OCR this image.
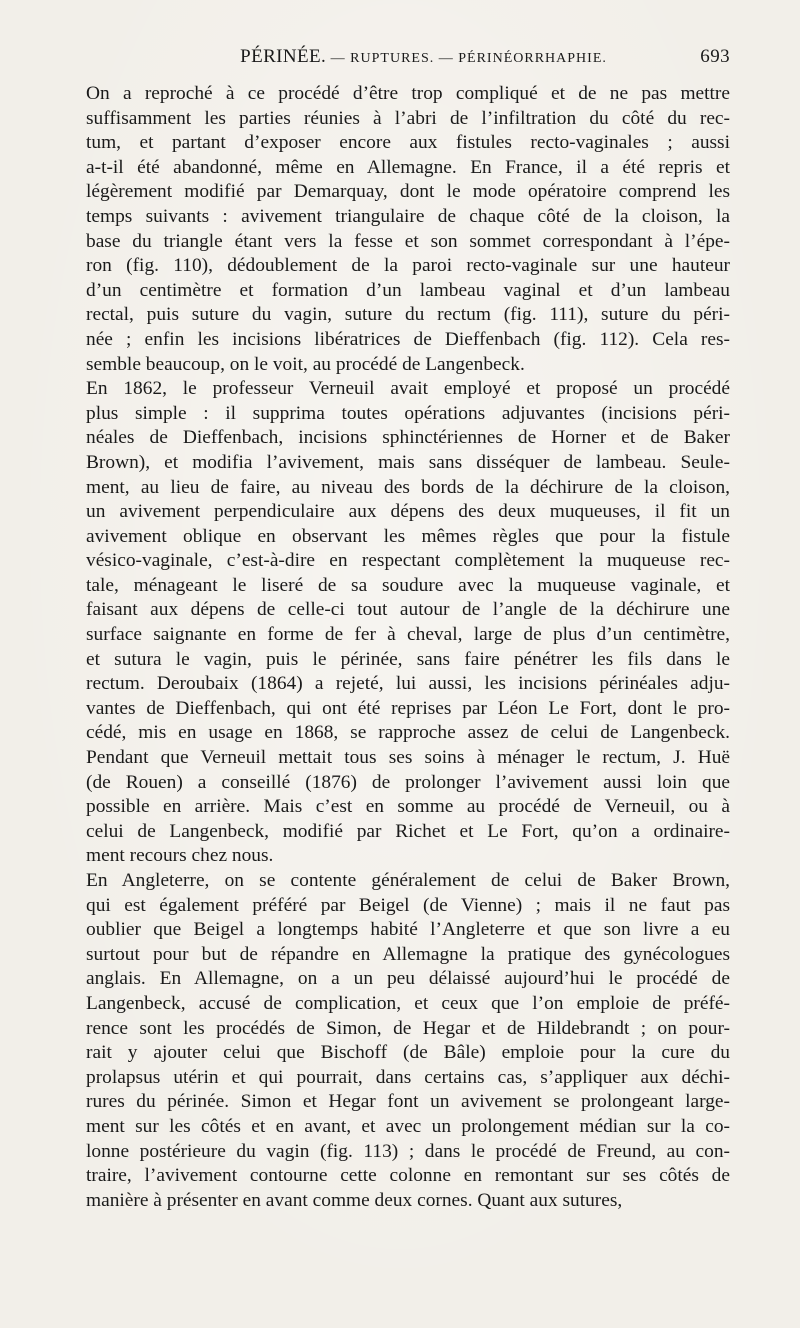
PÉRINÉE. — RUPTURES. — PÉRINÉORRHAPHIE.	693

On a reproché à ce procédé d’être trop compliqué et de ne pas mettre
suffisamment les parties réunies à l’abri de l’infiltration du côté du rec-
tum, et partant d’exposer encore aux fistules recto-vaginales ; aussi
a-t-il été abandonné, même en Allemagne. En France, il a été repris et
légèrement modifié par Demarquay, dont le mode opératoire comprend les
temps suivants : avivement triangulaire de chaque côté de la cloison, la
base du triangle étant vers la fesse et son sommet correspondant à l’épe-
ron (fig. 110), dédoublement de la paroi recto-vaginale sur une hauteur
d’un centimètre et formation d’un lambeau vaginal et d’un lambeau
rectal, puis suture du vagin, suture du rectum (fig. 111), suture du péri-
née ; enfin les incisions libératrices de Dieffenbach (fig. 112). Cela res-
semble beaucoup, on le voit, au procédé de Langenbeck.

En 1862, le professeur Verneuil avait employé et proposé un procédé
plus simple : il supprima toutes opérations adjuvantes (incisions péri-
néales de Dieffenbach, incisions sphinctériennes de Horner et de Baker
Brown), et modifia l’avivement, mais sans disséquer de lambeau. Seule-
ment, au lieu de faire, au niveau des bords de la déchirure de la cloison,
un avivement perpendiculaire aux dépens des deux muqueuses, il fit un
avivement oblique en observant les mêmes règles que pour la fistule
vésico-vaginale, c’est-à-dire en respectant complètement la muqueuse rec-
tale, ménageant le liseré de sa soudure avec la muqueuse vaginale, et
faisant aux dépens de celle-ci tout autour de l’angle de la déchirure une
surface saignante en forme de fer à cheval, large de plus d’un centimètre,
et sutura le vagin, puis le périnée, sans faire pénétrer les fils dans le
rectum. Deroubaix (1864) a rejeté, lui aussi, les incisions périnéales adju-
vantes de Dieffenbach, qui ont été reprises par Léon Le Fort, dont le pro-
cédé, mis en usage en 1868, se rapproche assez de celui de Langenbeck.
Pendant que Verneuil mettait tous ses soins à ménager le rectum, J. Huë
(de Rouen) a conseillé (1876) de prolonger l’avivement aussi loin que
possible en arrière. Mais c’est en somme au procédé de Verneuil, ou à
celui de Langenbeck, modifié par Richet et Le Fort, qu’on a ordinaire-
ment recours chez nous.

En Angleterre, on se contente généralement de celui de Baker Brown,
qui est également préféré par Beigel (de Vienne) ; mais il ne faut pas
oublier que Beigel a longtemps habité l’Angleterre et que son livre a eu
surtout pour but de répandre en Allemagne la pratique des gynécologues
anglais. En Allemagne, on a un peu délaissé aujourd’hui le procédé de
Langenbeck, accusé de complication, et ceux que l’on emploie de préfé-
rence sont les procédés de Simon, de Hegar et de Hildebrandt ; on pour-
rait y ajouter celui que Bischoff (de Bâle) emploie pour la cure du
prolapsus utérin et qui pourrait, dans certains cas, s’appliquer aux déchi-
rures du périnée. Simon et Hegar font un avivement se prolongeant large-
ment sur les côtés et en avant, et avec un prolongement médian sur la co-
lonne postérieure du vagin (fig. 113) ; dans le procédé de Freund, au con-
traire, l’avivement contourne cette colonne en remontant sur ses côtés de
manière à présenter en avant comme deux cornes. Quant aux sutures,
